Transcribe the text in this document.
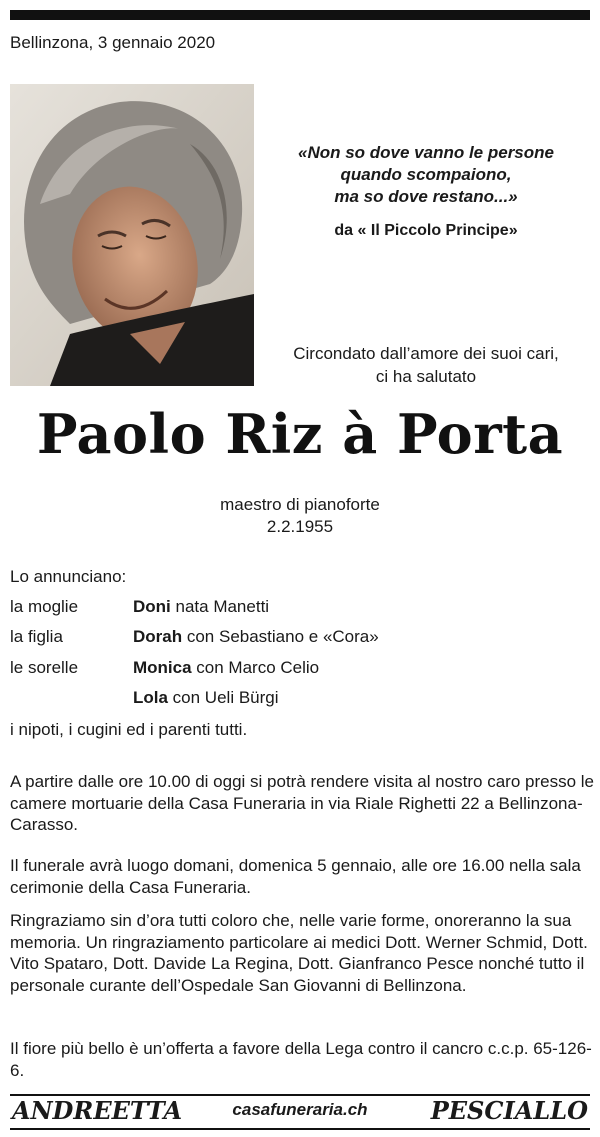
Bellinzona, 3 gennaio 2020
«Non so dove vanno le persone
quando scompaiono,
ma so dove restano...»
da « Il Piccolo Principe»
Circondato dall’amore dei suoi cari,
ci ha salutato
Paolo Riz à Porta
maestro di pianoforte
2.2.1955
Lo annunciano:
la moglie	Doni nata Manetti
la figlia	Dorah con Sebastiano e «Cora»
le sorelle	Monica con Marco Celio
Lola con Ueli Bürgi
i nipoti, i cugini ed i parenti tutti.
A partire dalle ore 10.00 di oggi si potrà rendere visita al nostro caro presso le camere mortuarie della Casa Funeraria in via Riale Righetti 22 a Bellinzona-Carasso.
Il funerale avrà luogo domani, domenica 5 gennaio, alle ore 16.00 nella sala cerimonie della Casa Funeraria.
Ringraziamo sin d’ora tutti coloro che, nelle varie forme, onoreranno la sua memoria. Un ringraziamento particolare ai medici Dott. Werner Schmid, Dott. Vito Spataro, Dott. Davide La Regina, Dott. Gianfranco Pesce nonché tutto il personale curante dell’Ospedale San Giovanni di Bellinzona.
Il fiore più bello è un’offerta a favore della Lega contro il cancro c.c.p. 65-126-6.
ANDREETTA	casafuneraria.ch	PESCIALLO
